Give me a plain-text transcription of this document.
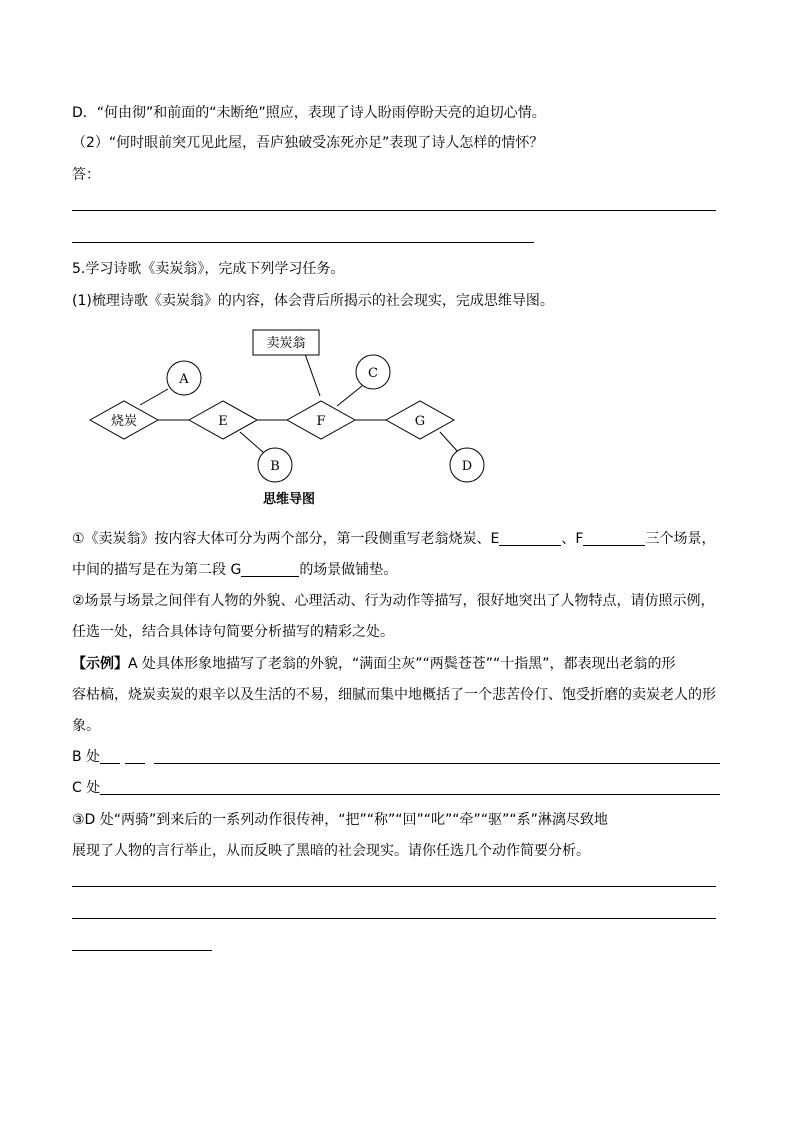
D．“何由彻”和前面的“未断绝”照应，表现了诗人盼雨停盼天亮的迫切心情。
（2）“何时眼前突兀见此屋，吾庐独破受冻死亦足”表现了诗人怎样的情怀？
答：
5.学习诗歌《卖炭翁》，完成下列学习任务。
(1)梳理诗歌《卖炭翁》的内容，体会背后所揭示的社会现实，完成思维导图。
卖炭翁
烧炭	E	F	G
A
B
C
D
思维导图
①《卖炭翁》按内容大体可分为两个部分，第一段侧重写老翁烧炭、E	、F	三个场景，
中间的描写是在为第二段 G	的场景做铺垫。
②场景与场景之间伴有人物的外貌、心理活动、行为动作等描写，很好地突出了人物特点，请仿照示例，
任选一处，结合具体诗句简要分析描写的精彩之处。
【示例】A 处具体形象地描写了老翁的外貌，“满面尘灰”“两鬓苍苍”“十指黑”，都表现出老翁的形
容枯槁，烧炭卖炭的艰辛以及生活的不易，细腻而集中地概括了一个悲苦伶仃、饱受折磨的卖炭老人的形
象。
B 处
C 处
③D 处“两骑”到来后的一系列动作很传神，“把”“称”“回”“叱”“牵”“驱”“系”淋漓尽致地
展现了人物的言行举止，从而反映了黑暗的社会现实。请你任选几个动作简要分析。
